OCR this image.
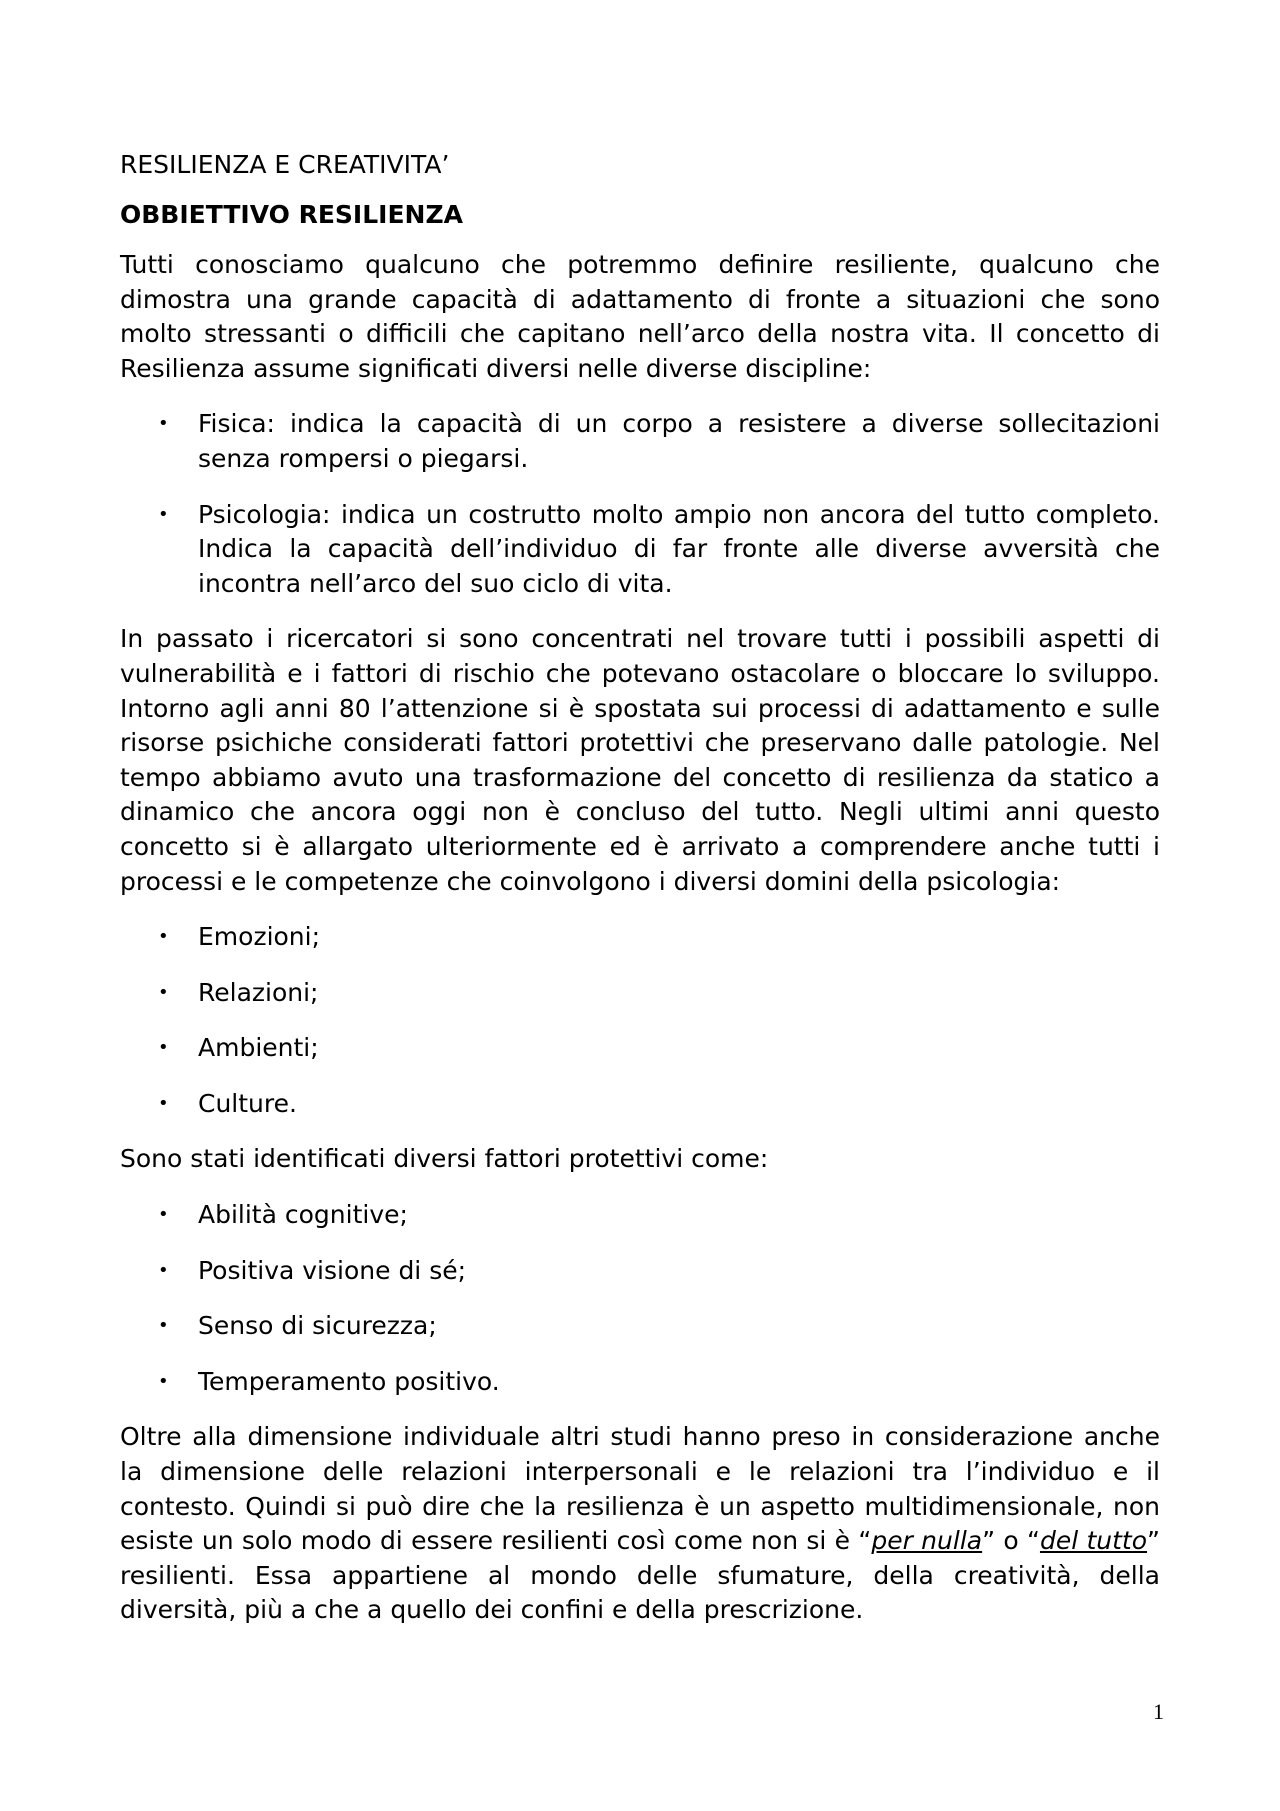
RESILIENZA E CREATIVITA’
OBBIETTIVO RESILIENZA

Tutti conosciamo qualcuno che potremmo definire resiliente, qualcuno che dimostra una grande capacità di adattamento di fronte a situazioni che sono molto stressanti o difficili che capitano nell’arco della nostra vita. Il concetto di Resilienza assume significati diversi nelle diverse discipline:

• Fisica: indica la capacità di un corpo a resistere a diverse sollecitazioni senza rompersi o piegarsi.
• Psicologia: indica un costrutto molto ampio non ancora del tutto completo. Indica la capacità dell’individuo di far fronte alle diverse avversità che incontra nell’arco del suo ciclo di vita.

In passato i ricercatori si sono concentrati nel trovare tutti i possibili aspetti di vulnerabilità e i fattori di rischio che potevano ostacolare o bloccare lo sviluppo. Intorno agli anni 80 l’attenzione si è spostata sui processi di adattamento e sulle risorse psichiche considerati fattori protettivi che preservano dalle patologie. Nel tempo abbiamo avuto una trasformazione del concetto di resilienza da statico a dinamico che ancora oggi non è concluso del tutto. Negli ultimi anni questo concetto si è allargato ulteriormente ed è arrivato a comprendere anche tutti i processi e le competenze che coinvolgono i diversi domini della psicologia:

• Emozioni;
• Relazioni;
• Ambienti;
• Culture.

Sono stati identificati diversi fattori protettivi come:

• Abilità cognitive;
• Positiva visione di sé;
• Senso di sicurezza;
• Temperamento positivo.

Oltre alla dimensione individuale altri studi hanno preso in considerazione anche la dimensione delle relazioni interpersonali e le relazioni tra l’individuo e il contesto. Quindi si può dire che la resilienza è un aspetto multidimensionale, non esiste un solo modo di essere resilienti così come non si è “per nulla” o “del tutto” resilienti. Essa appartiene al mondo delle sfumature, della creatività, della diversità, più a che a quello dei confini e della prescrizione.

1
